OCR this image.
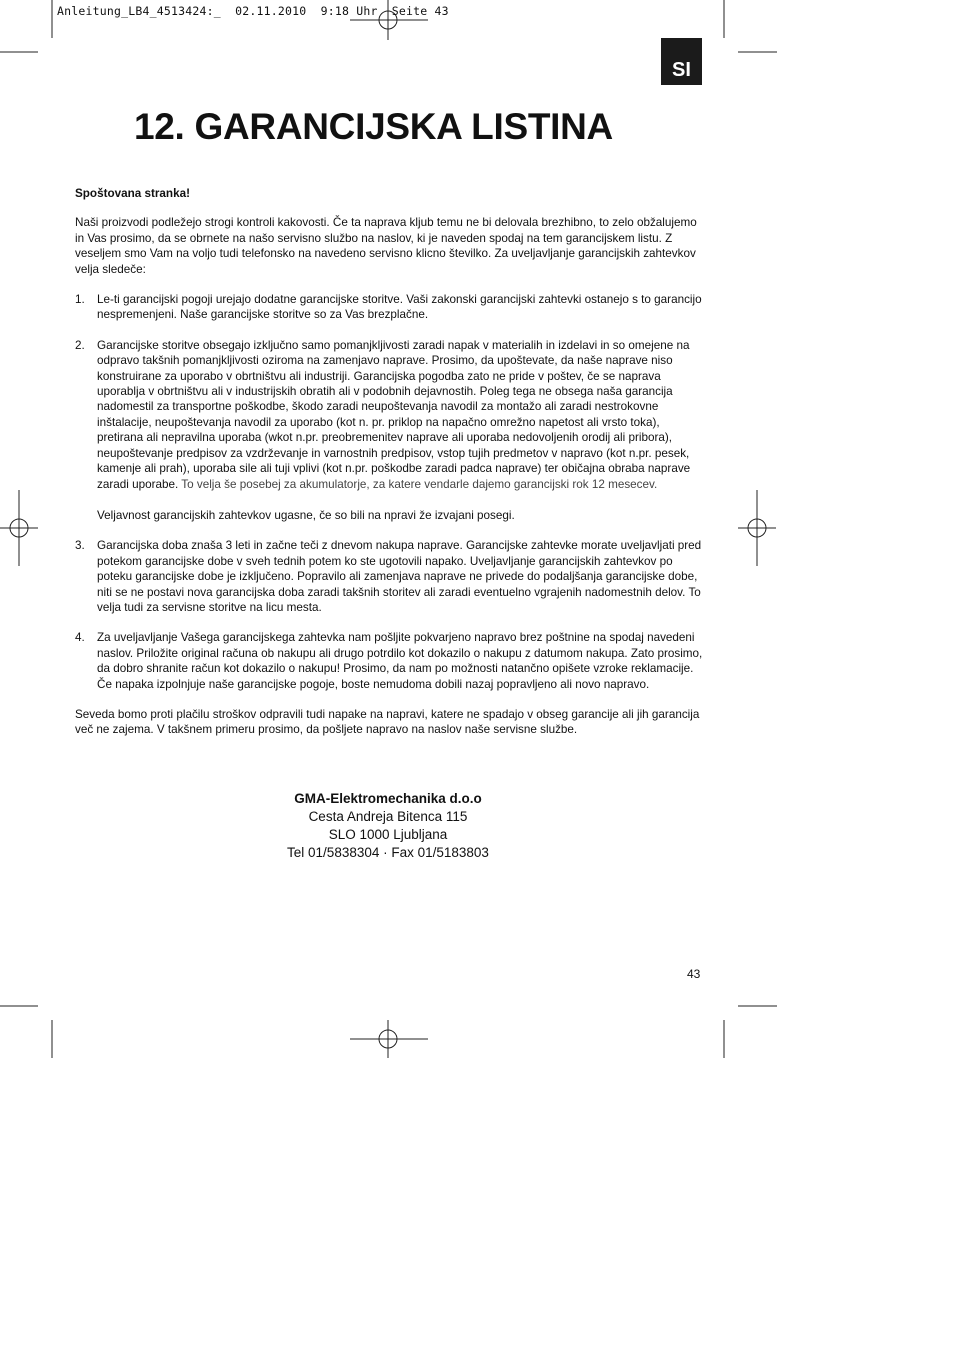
Anleitung_LB4_4513424:_  02.11.2010  9:18 Uhr  Seite 43
SI
12. GARANCIJSKA LISTINA

Spoštovana stranka!

Naši proizvodi podležejo strogi kontroli kakovosti. Če ta naprava kljub temu ne bi delovala brezhibno, to zelo obžalujemo in Vas prosimo, da se obrnete na našo servisno službo na naslov, ki je naveden spodaj na tem garancijskem listu. Z veseljem smo Vam na voljo tudi telefonsko na navedeno servisno klicno številko. Za uveljavljanje garancijskih zahtevkov velja sledeče:

1. Le-ti garancijski pogoji urejajo dodatne garancijske storitve. Vaši zakonski garancijski zahtevki ostanejo s to garancijo nespremenjeni. Naše garancijske storitve so za Vas brezplačne.
2. Garancijske storitve obsegajo izključno samo pomanjkljivosti zaradi napak v materialih in izdelavi in so omejene na odpravo takšnih pomanjkljivosti oziroma na zamenjavo naprave. Prosimo, da upoštevate, da naše naprave niso konstruirane za uporabo v obrtništvu ali industriji. Garancijska pogodba zato ne pride v poštev, če se naprava uporablja v obrtništvu ali v industrijskih obratih ali v podobnih dejavnostih. Poleg tega ne obsega naša garancija nadomestil za transportne poškodbe, škodo zaradi neupoštevanja navodil za montažo ali zaradi nestrokovne inštalacije, neupoštevanja navodil za uporabo (kot n. pr. priklop na napačno omrežno napetost ali vrsto toka), pretirana ali nepravilna uporaba (wkot n.pr. preobremenitev naprave ali uporaba nedovoljenih orodij ali pribora), neupoštevanje predpisov za vzdrževanje in varnostnih predpisov, vstop tujih predmetov v napravo (kot n.pr. pesek, kamenje ali prah), uporaba sile ali tuji vplivi (kot n.pr. poškodbe zaradi padca naprave) ter običajna obraba naprave zaradi uporabe. To velja še posebej za akumulatorje, za katere vendarle dajemo garancijski rok 12 mesecev.
Veljavnost garancijskih zahtevkov ugasne, če so bili na npravi že izvajani posegi.
3. Garancijska doba znaša 3 leti in začne teči z dnevom nakupa naprave. Garancijske zahtevke morate uveljavljati pred potekom garancijske dobe v sveh tednih potem ko ste ugotovili napako. Uveljavljanje garancijskih zahtevkov po poteku garancijske dobe je izključeno. Popravilo ali zamenjava naprave ne privede do podaljšanja garancijske dobe, niti se ne postavi nova garancijska doba zaradi takšnih storitev ali zaradi eventuelno vgrajenih nadomestnih delov. To velja tudi za servisne storitve na licu mesta.
4. Za uveljavljanje Vašega garancijskega zahtevka nam pošljite pokvarjeno napravo brez poštnine na spodaj navedeni naslov. Priložite original računa ob nakupu ali drugo potrdilo kot dokazilo o nakupu z datumom nakupa. Zato prosimo, da dobro shranite račun kot dokazilo o nakupu! Prosimo, da nam po možnosti natančno opišete vzroke reklamacije. Če napaka izpolnjuje naše garancijske pogoje, boste nemudoma dobili nazaj popravljeno ali novo napravo.

Seveda bomo proti plačilu stroškov odpravili tudi napake na napravi, katere ne spadajo v obseg garancije ali jih garancija več ne zajema. V takšnem primeru prosimo, da pošljete napravo na naslov naše servisne službe.

GMA-Elektromechanika d.o.o
Cesta Andreja Bitenca 115
SLO 1000 Ljubljana
Tel 01/5838304 · Fax 01/5183803
43
